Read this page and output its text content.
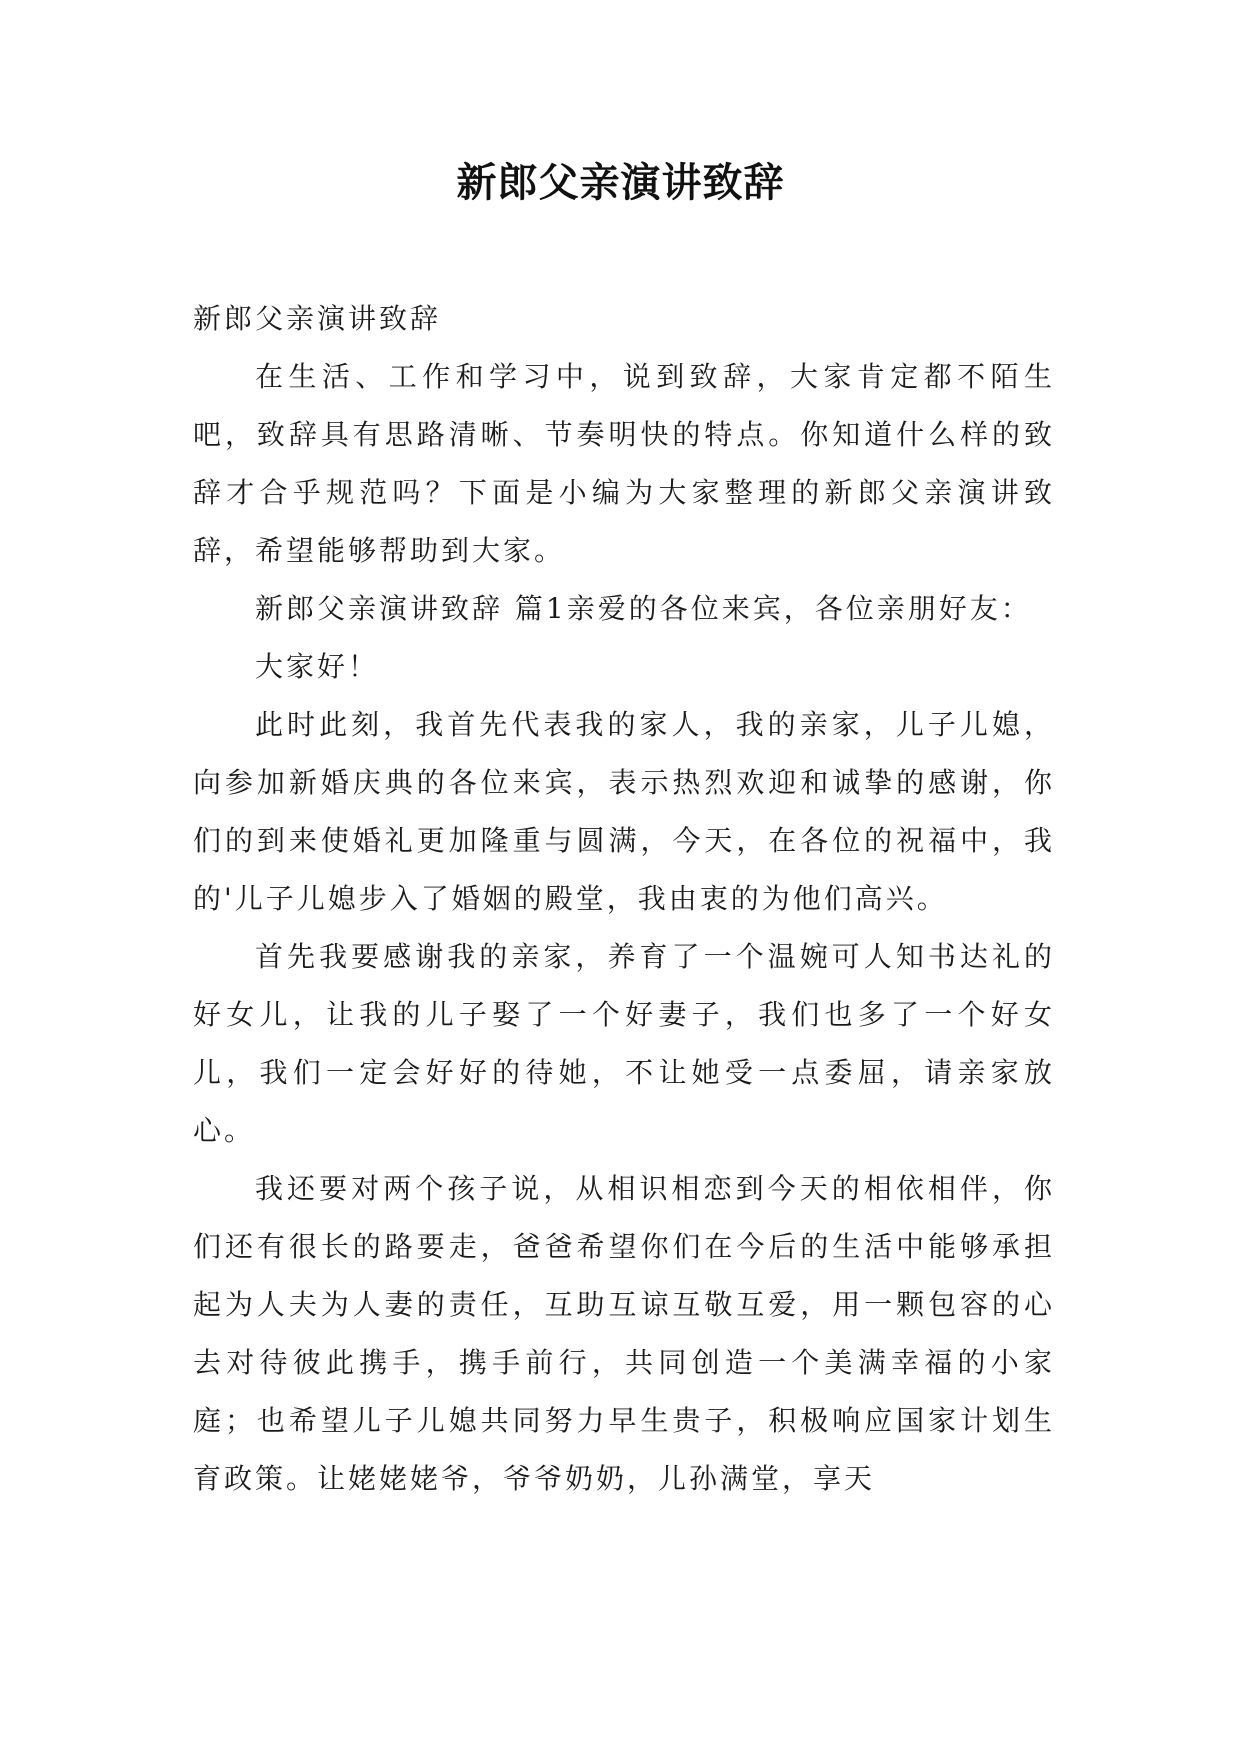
新郎父亲演讲致辞

新郎父亲演讲致辞

在生活、工作和学习中，说到致辞，大家肯定都不陌生吧，致辞具有思路清晰、节奏明快的特点。你知道什么样的致辞才合乎规范吗？下面是小编为大家整理的新郎父亲演讲致辞，希望能够帮助到大家。

新郎父亲演讲致辞 篇1亲爱的各位来宾，各位亲朋好友：

大家好！

此时此刻，我首先代表我的家人，我的亲家，儿子儿媳，向参加新婚庆典的各位来宾，表示热烈欢迎和诚挚的感谢，你们的到来使婚礼更加隆重与圆满，今天，在各位的祝福中，我的'儿子儿媳步入了婚姻的殿堂，我由衷的为他们高兴。

首先我要感谢我的亲家，养育了一个温婉可人知书达礼的好女儿，让我的儿子娶了一个好妻子，我们也多了一个好女儿，我们一定会好好的待她，不让她受一点委屈，请亲家放心。

我还要对两个孩子说，从相识相恋到今天的相依相伴，你们还有很长的路要走，爸爸希望你们在今后的生活中能够承担起为人夫为人妻的责任，互助互谅互敬互爱，用一颗包容的心去对待彼此携手，携手前行，共同创造一个美满幸福的小家庭；也希望儿子儿媳共同努力早生贵子，积极响应国家计划生育政策。让姥姥姥爷，爷爷奶奶，儿孙满堂，享天
